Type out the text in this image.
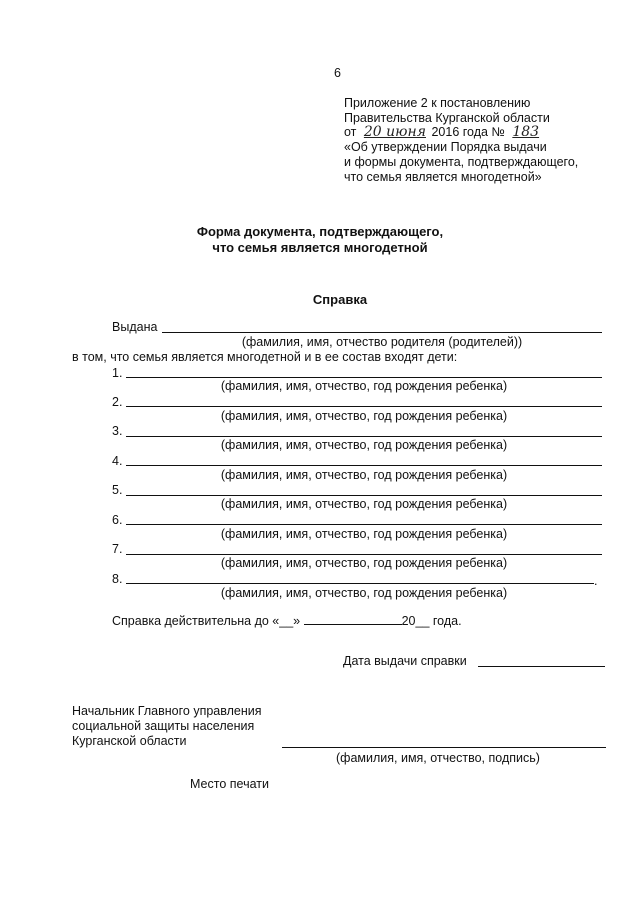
6
Приложение 2 к постановлению
Правительства Курганской области
от 20 июня 2016 года № 183
«Об утверждении Порядка выдачи
и формы документа, подтверждающего,
что семья является многодетной»
Форма документа, подтверждающего,
что семья является многодетной
Справка
Выдана
(фамилия, имя, отчество родителя (родителей))
в том, что семья является многодетной и в ее состав входят дети:
1.
(фамилия, имя, отчество, год рождения ребенка)
2.
(фамилия, имя, отчество, год рождения ребенка)
3.
(фамилия, имя, отчество, год рождения ребенка)
4.
(фамилия, имя, отчество, год рождения ребенка)
5.
(фамилия, имя, отчество, год рождения ребенка)
6.
(фамилия, имя, отчество, год рождения ребенка)
7.
(фамилия, имя, отчество, год рождения ребенка)
8.	.
(фамилия, имя, отчество, год рождения ребенка)
Справка действительна до «__»	20__ года.
Дата выдачи справки
Начальник Главного управления
социальной защиты населения
Курганской области
(фамилия, имя, отчество, подпись)
Место печати
